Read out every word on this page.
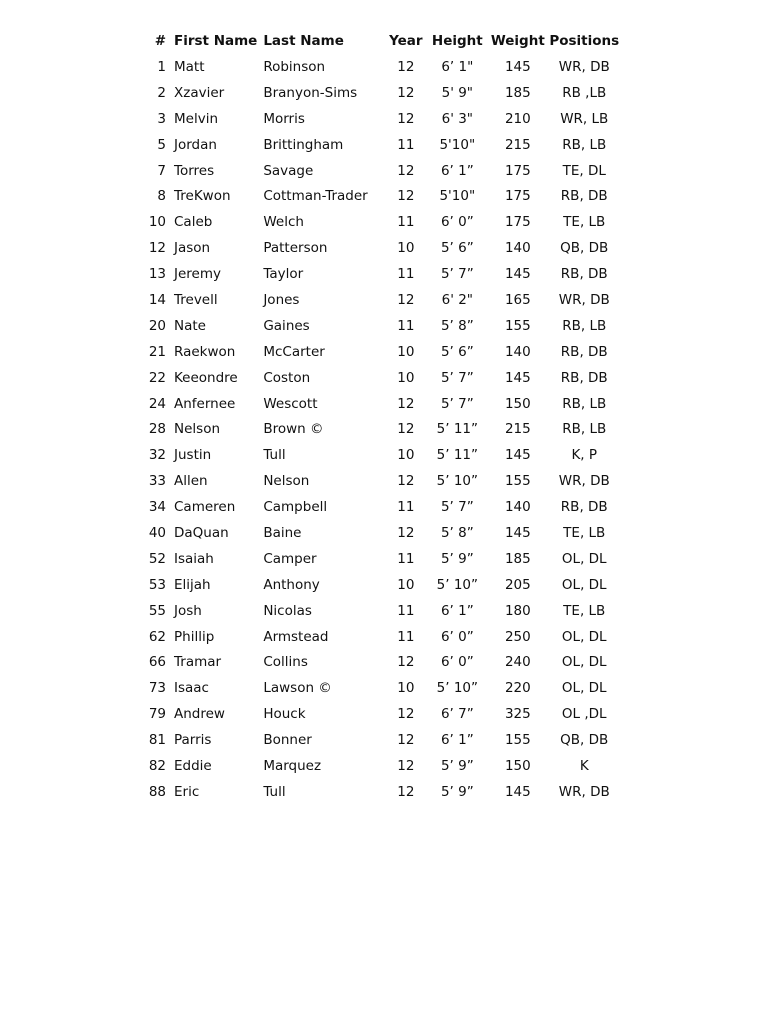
#	First Name	Last Name	Year	Height	Weight	Positions
1	Matt	Robinson	12	6’ 1"	145	WR, DB
2	Xzavier	Branyon-Sims	12	5' 9"	185	RB ,LB
3	Melvin	Morris	12	6' 3"	210	WR, LB
5	Jordan	Brittingham	11	5'10"	215	RB, LB
7	Torres	Savage	12	6’ 1”	175	TE, DL
8	TreKwon	Cottman-Trader	12	5'10"	175	RB, DB
10	Caleb	Welch	11	6’ 0”	175	TE, LB
12	Jason	Patterson	10	5’ 6”	140	QB, DB
13	Jeremy	Taylor	11	5’ 7”	145	RB, DB
14	Trevell	Jones	12	6' 2"	165	WR, DB
20	Nate	Gaines	11	5’ 8”	155	RB, LB
21	Raekwon	McCarter	10	5’ 6”	140	RB, DB
22	Keeondre	Coston	10	5’ 7”	145	RB, DB
24	Anfernee	Wescott	12	5’ 7”	150	RB, LB
28	Nelson	Brown ©	12	5’ 11”	215	RB, LB
32	Justin	Tull	10	5’ 11”	145	K, P
33	Allen	Nelson	12	5’ 10”	155	WR, DB
34	Cameren	Campbell	11	5’ 7”	140	RB, DB
40	DaQuan	Baine	12	5’ 8”	145	TE, LB
52	Isaiah	Camper	11	5’ 9”	185	OL, DL
53	Elijah	Anthony	10	5’ 10”	205	OL, DL
55	Josh	Nicolas	11	6’ 1”	180	TE, LB
62	Phillip	Armstead	11	6’ 0”	250	OL, DL
66	Tramar	Collins	12	6’ 0”	240	OL, DL
73	Isaac	Lawson ©	10	5’ 10”	220	OL, DL
79	Andrew	Houck	12	6’ 7”	325	OL ,DL
81	Parris	Bonner	12	6’ 1”	155	QB, DB
82	Eddie	Marquez	12	5’ 9”	150	K
88	Eric	Tull	12	5’ 9”	145	WR, DB
